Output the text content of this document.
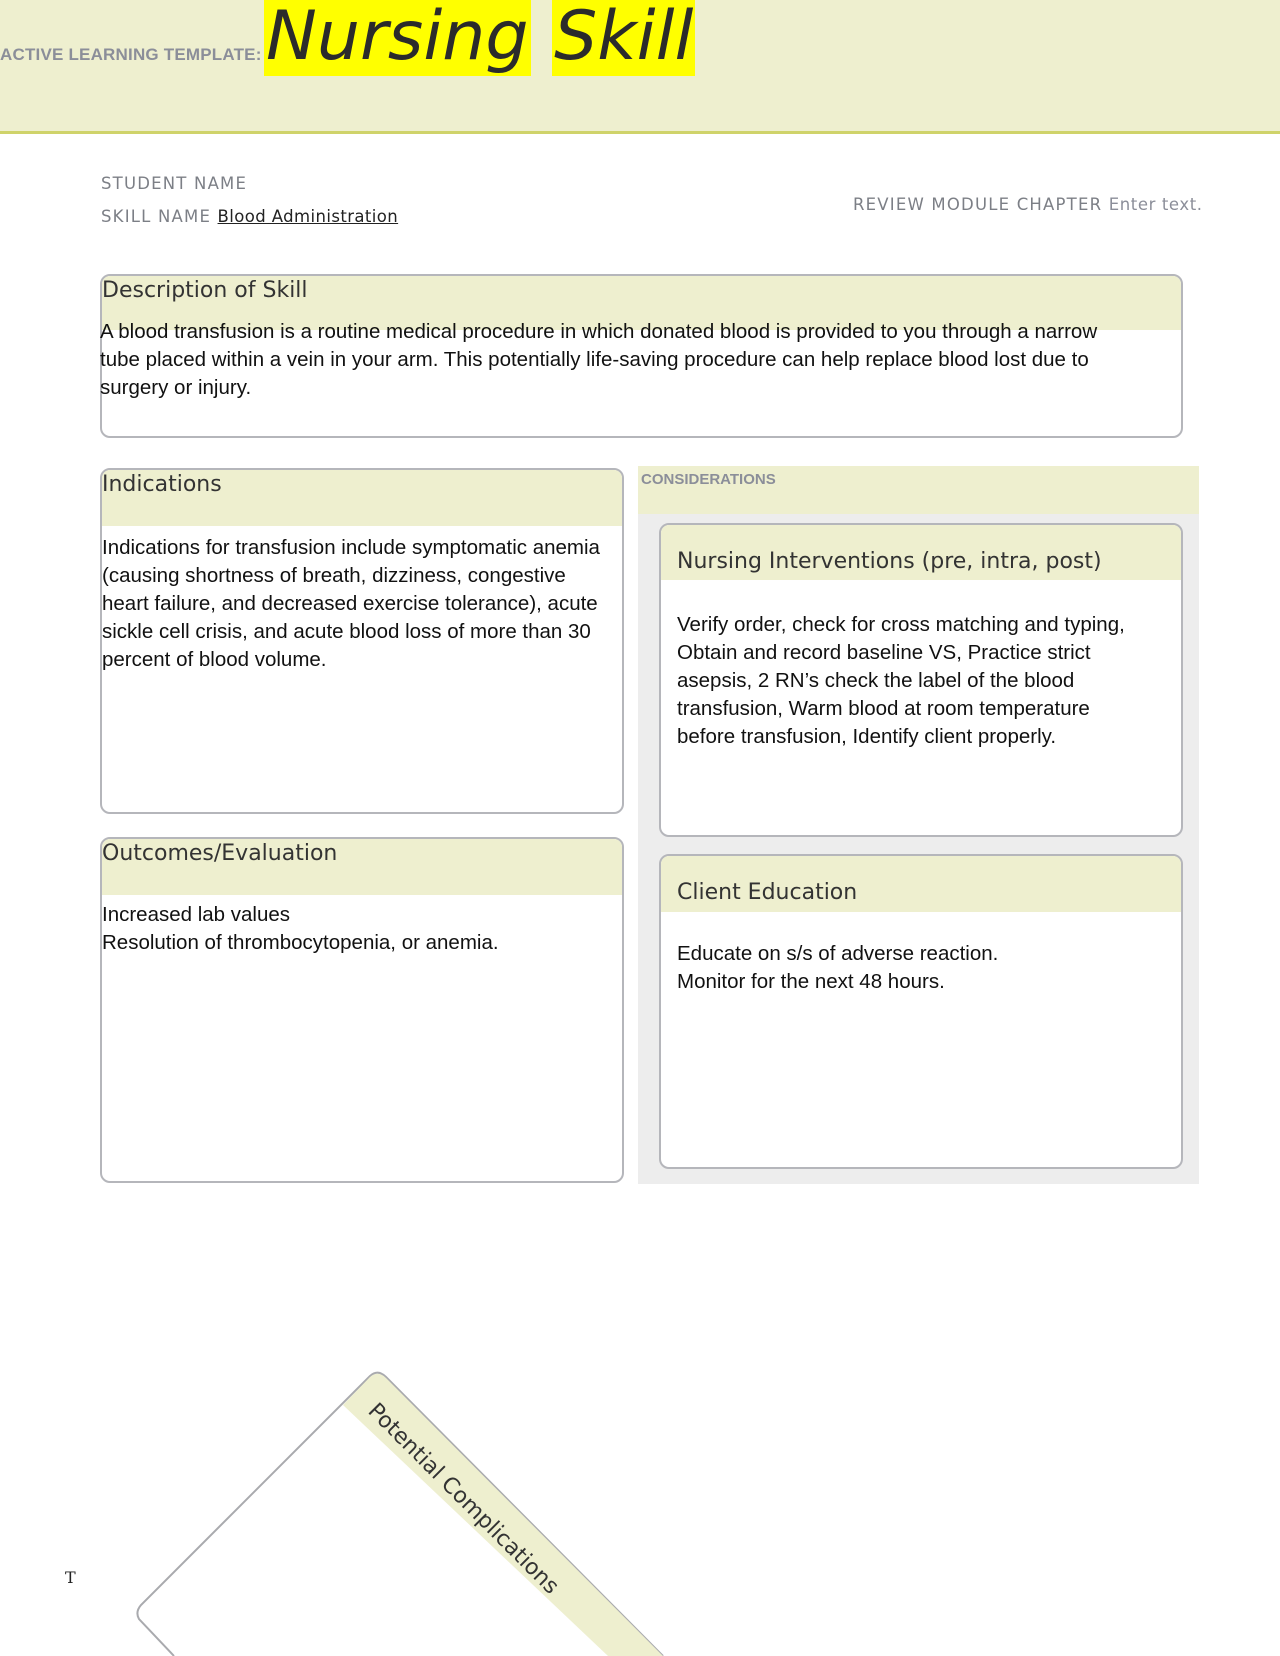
ACTIVE LEARNING TEMPLATE: Nursing Skill
STUDENT NAME
SKILL NAME Blood Administration
REVIEW MODULE CHAPTER Enter text.
Description of Skill
A blood transfusion is a routine medical procedure in which donated blood is provided to you through a narrow
tube placed within a vein in your arm. This potentially life-saving procedure can help replace blood lost due to
surgery or injury.
Indications
Indications for transfusion include symptomatic anemia
(causing shortness of breath, dizziness, congestive
heart failure, and decreased exercise tolerance), acute
sickle cell crisis, and acute blood loss of more than 30
percent of blood volume.
Outcomes/Evaluation
Increased lab values
Resolution of thrombocytopenia, or anemia.
CONSIDERATIONS
Nursing Interventions (pre, intra, post)
Verify order, check for cross matching and typing,
Obtain and record baseline VS, Practice strict
asepsis, 2 RN’s check the label of the blood
transfusion, Warm blood at room temperature
before transfusion, Identify client properly.
Client Education
Educate on s/s of adverse reaction.
Monitor for the next 48 hours.
Potential Complications
T
